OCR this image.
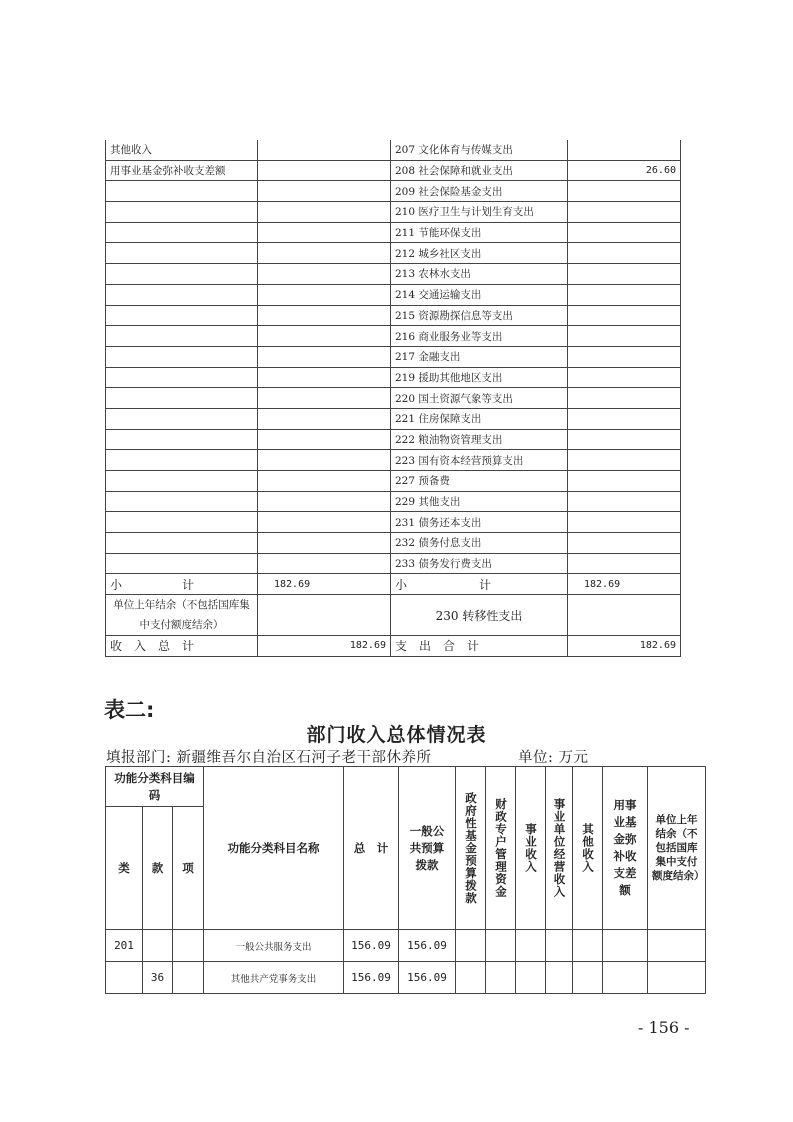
其他收入		207 文化体育与传媒支出	
用事业基金弥补收支差额		208 社会保障和就业支出	26.60
		209 社会保险基金支出	
		210 医疗卫生与计划生育支出	
		211 节能环保支出	
		212 城乡社区支出	
		213 农林水支出	
		214 交通运输支出	
		215 资源勘探信息等支出	
		216 商业服务业等支出	
		217 金融支出	
		219 援助其他地区支出	
		220 国土资源气象等支出	
		221 住房保障支出	
		222 粮油物资管理支出	
		223 国有资本经营预算支出	
		227 预备费	
		229 其他支出	
		231 债务还本支出	
		232 债务付息支出	
		233 债务发行费支出	
小　　　　　计	182.69	小　　　　　　计	182.69
单位上年结余（不包括国库集中支付额度结余）		230 转移性支出	
收　入　总　计	182.69	支　出　合　计	182.69
表二:
部门收入总体情况表
填报部门: 新疆维吾尔自治区石河子老干部休养所	单位: 万元
功能分类科目编码			功能分类科目名称	总　计	一般公共预算拨款	政府性基金预算拨款	财政专户管理资金	事业收入	事业单位经营收入	其他收入	用事业基金弥补收支差额	单位上年结余（不包括国库集中支付额度结余）
类	款	项										
201			一般公共服务支出	156.09	156.09							
	36		其他共产党事务支出	156.09	156.09							
- 156 -
